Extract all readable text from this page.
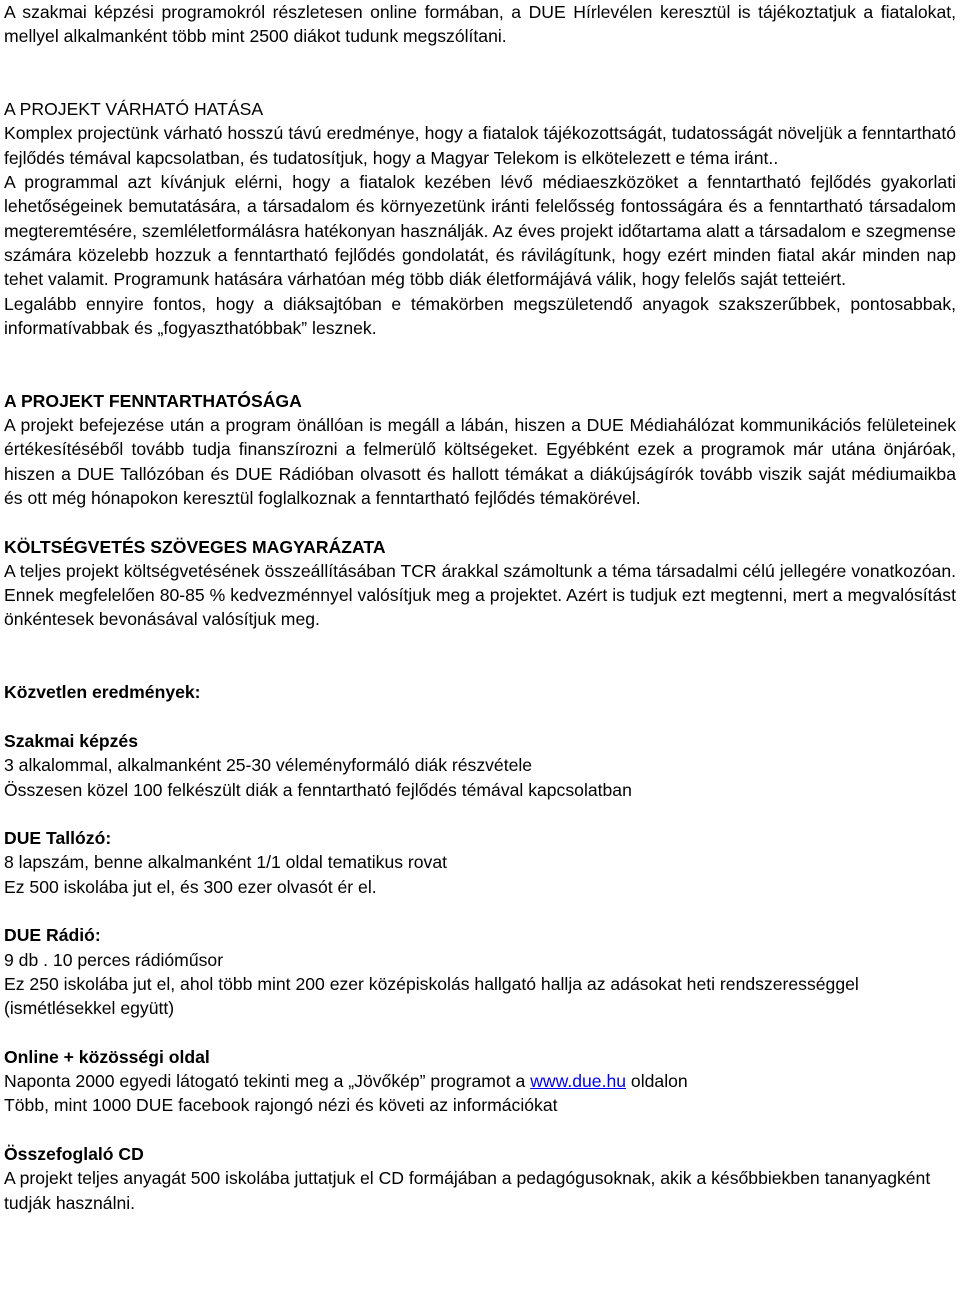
A szakmai képzési programokról részletesen online formában, a DUE Hírlevélen keresztül is tájékoztatjuk a fiatalokat, mellyel alkalmanként több mint 2500 diákot tudunk megszólítani.

A PROJEKT VÁRHATÓ HATÁSA

Komplex projectünk várható hosszú távú eredménye, hogy a fiatalok tájékozottságát, tudatosságát növeljük a fenntartható fejlődés témával kapcsolatban, és tudatosítjuk, hogy a Magyar Telekom is elkötelezett e téma iránt..

A programmal azt kívánjuk elérni, hogy a fiatalok kezében lévő médiaeszközöket a fenntartható fejlődés gyakorlati lehetőségeinek bemutatására, a társadalom és környezetünk iránti felelősség fontosságára és a fenntartható társadalom megteremtésére, szemléletformálásra hatékonyan használják. Az éves projekt időtartama alatt a társadalom e szegmense számára közelebb hozzuk a fenntartható fejlődés gondolatát, és rávilágítunk, hogy ezért minden fiatal akár minden nap tehet valamit. Programunk hatására várhatóan még több diák életformájává válik, hogy felelős saját tetteiért.

Legalább ennyire fontos, hogy a diáksajtóban e témakörben megszületendő anyagok szakszerűbbek, pontosabbak, informatívabbak és „fogyaszthatóbbak” lesznek.

A PROJEKT FENNTARTHATÓSÁGA

A projekt befejezése után a program önállóan is megáll a lábán, hiszen a DUE Médiahálózat kommunikációs felületeinek értékesítéséből tovább tudja finanszírozni a felmerülő költségeket. Egyébként ezek a programok már utána önjáróak, hiszen a DUE Tallózóban és DUE Rádióban olvasott és hallott témákat a diákújságírók tovább viszik saját médiumaikba és ott még hónapokon keresztül foglalkoznak a fenntartható fejlődés témakörével.

KÖLTSÉGVETÉS SZÖVEGES MAGYARÁZATA

A teljes projekt költségvetésének összeállításában TCR árakkal számoltunk a téma társadalmi célú jellegére vonatkozóan. Ennek megfelelően 80-85 % kedvezménnyel valósítjuk meg a projektet. Azért is tudjuk ezt megtenni, mert a megvalósítást önkéntesek bevonásával valósítjuk meg.

Közvetlen eredmények:

Szakmai képzés

3 alkalommal, alkalmanként 25-30 véleményformáló diák részvétele

Összesen közel 100 felkészült diák a fenntartható fejlődés témával kapcsolatban

DUE Tallózó:

8 lapszám, benne alkalmanként 1/1 oldal tematikus rovat

Ez 500 iskolába jut el, és 300 ezer olvasót ér el.

DUE Rádió:

9 db . 10 perces rádióműsor

Ez 250 iskolába jut el, ahol több mint 200 ezer középiskolás hallgató hallja az adásokat heti rendszerességgel (ismétlésekkel együtt)

Online + közösségi oldal

Naponta 2000 egyedi látogató tekinti meg a „Jövőkép” programot a www.due.hu oldalon

Több, mint 1000 DUE facebook rajongó nézi és követi az információkat

Összefoglaló CD

A projekt teljes anyagát 500 iskolába juttatjuk el CD formájában a pedagógusoknak, akik a későbbiekben tananyagként tudják használni.
